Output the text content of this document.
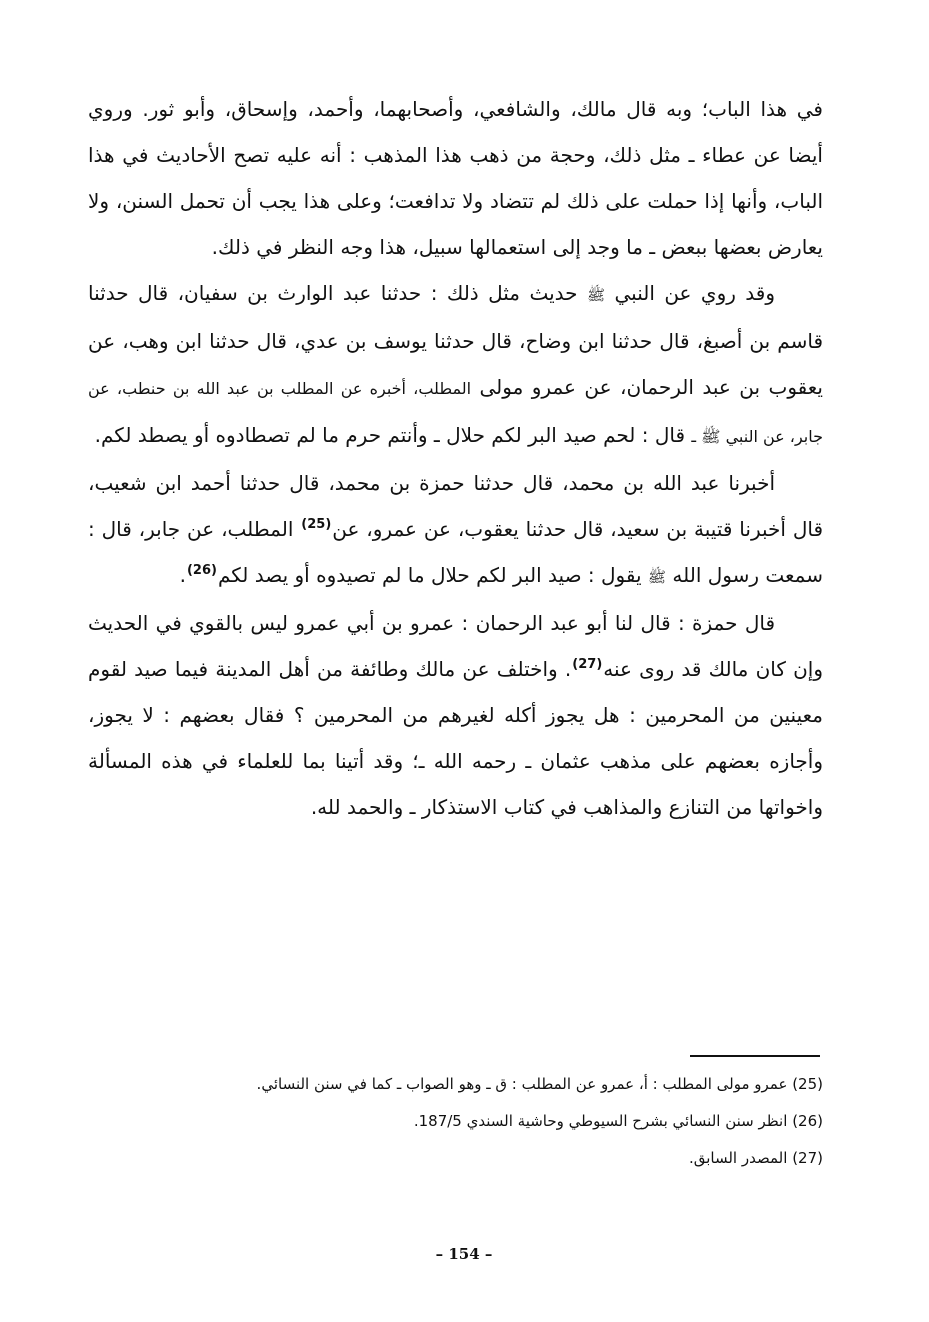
في هذا الباب؛ وبه قال مالك، والشافعي، وأصحابهما، وأحمد، وإسحاق، وأبو ثور. وروي أيضا عن عطاء ـ مثل ذلك، وحجة من ذهب هذا المذهب : أنه عليه تصح الأحاديث في هذا الباب، وأنها إذا حملت على ذلك لم تتضاد ولا تدافعت؛ وعلى هذا يجب أن تحمل السنن، ولا يعارض بعضها ببعض ـ ما وجد إلى استعمالها سبيل، هذا وجه النظر في ذلك.

وقد روي عن النبي ﷺ حديث مثل ذلك : حدثنا عبد الوارث بن سفيان، قال حدثنا قاسم بن أصبغ، قال حدثنا ابن وضاح، قال حدثنا يوسف بن عدي، قال حدثنا ابن وهب، عن يعقوب بن عبد الرحمان، عن عمرو مولى المطلب، أخبره عن المطلب بن عبد الله بن حنطب، عن جابر، عن النبي ﷺ ـ قال : لحم صيد البر لكم حلال ـ وأنتم حرم ما لم تصطادوه أو يصطد لكم.

أخبرنا عبد الله بن محمد، قال حدثنا حمزة بن محمد، قال حدثنا أحمد ابن شعيب، قال أخبرنا قتيبة بن سعيد، قال حدثنا يعقوب، عن عمرو، عن$^{(25)}$ المطلب، عن جابر، قال : سمعت رسول الله ﷺ يقول : صيد البر لكم حلال ما لم تصيدوه أو يصد لكم$^{(26)}$.

قال حمزة : قال لنا أبو عبد الرحمان : عمرو بن أبي عمرو ليس بالقوي في الحديث وإن كان مالك قد روى عنه$^{(27)}$. واختلف عن مالك وطائفة من أهل المدينة فيما صيد لقوم معينين من المحرمين : هل يجوز أكله لغيرهم من المحرمين ؟ فقال بعضهم : لا يجوز، وأجازه بعضهم على مذهب عثمان ـ رحمه الله ـ؛ وقد أتينا بما للعلماء في هذه المسألة واخواتها من التنازع والمذاهب في كتاب الاستذكار ـ والحمد لله.

(25) عمرو مولى المطلب : أ، عمرو عن المطلب : ق ـ وهو الصواب ـ كما في سنن النسائي.

(26) انظر سنن النسائي بشرح السيوطي وحاشية السندي 187/5.

(27) المصدر السابق.

– 154 –
